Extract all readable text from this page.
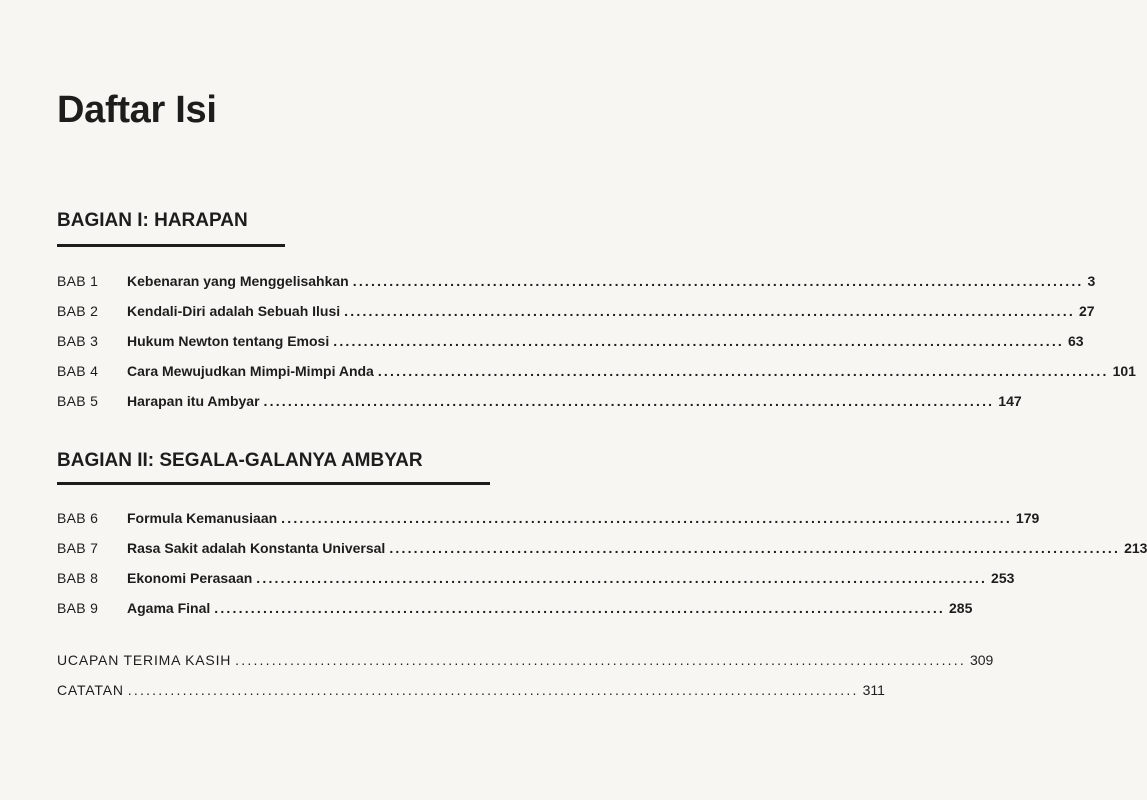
Daftar Isi
BAGIAN I: HARAPAN
BAB 1	Kebenaran yang Menggelisahkan ........................................................................................................................ 3
BAB 2	Kendali-Diri adalah Sebuah Ilusi ........................................................................................................................ 27
BAB 3	Hukum Newton tentang Emosi ........................................................................................................................ 63
BAB 4	Cara Mewujudkan Mimpi-Mimpi Anda ........................................................................................................................ 101
BAB 5	Harapan itu Ambyar ........................................................................................................................ 147
BAGIAN II: SEGALA-GALANYA AMBYAR
BAB 6	Formula Kemanusiaan ........................................................................................................................ 179
BAB 7	Rasa Sakit adalah Konstanta Universal ........................................................................................................................ 213
BAB 8	Ekonomi Perasaan ........................................................................................................................ 253
BAB 9	Agama Final ........................................................................................................................ 285
UCAPAN TERIMA KASIH ........................................................................................................................ 309
CATATAN ........................................................................................................................ 311
